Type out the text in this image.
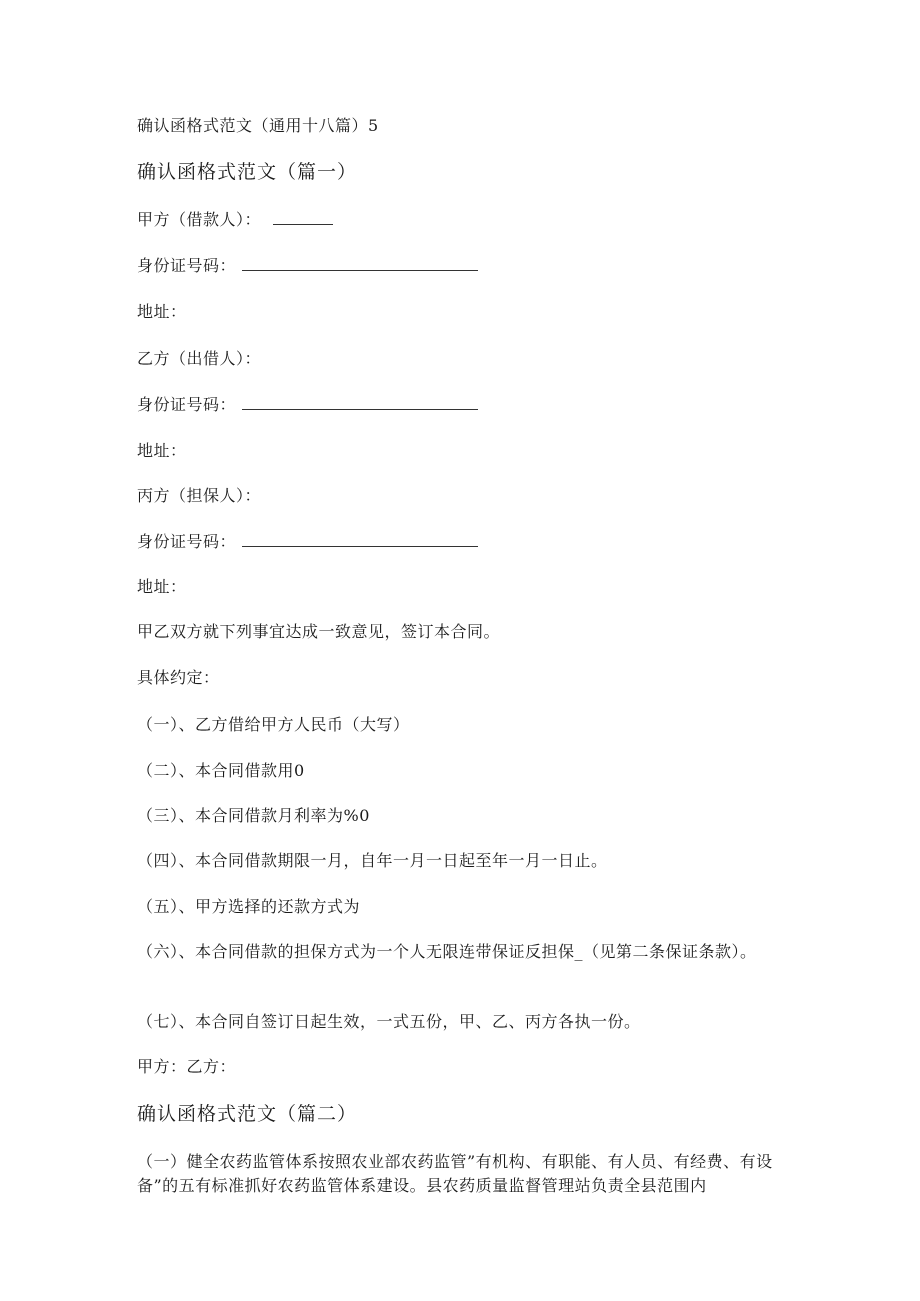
确认函格式范文（通用十八篇）5
确认函格式范文（篇一）
甲方（借款人）：
身份证号码：
地址：
乙方（出借人）：
身份证号码：
地址：
丙方（担保人）：
身份证号码：
地址：
甲乙双方就下列事宜达成一致意见，签订本合同。
具体约定：
（一）、乙方借给甲方人民币（大写）
（二）、本合同借款用0
（三）、本合同借款月利率为%0
（四）、本合同借款期限一月，自年一月一日起至年一月一日止。
（五）、甲方选择的还款方式为
（六）、本合同借款的担保方式为一个人无限连带保证反担保_（见第二条保证条款）。
（七）、本合同自签订日起生效，一式五份，甲、乙、丙方各执一份。
甲方：乙方：
确认函格式范文（篇二）
（一）健全农药监管体系按照农业部农药监管”有机构、有职能、有人员、有经费、有设备”的五有标准抓好农药监管体系建设。县农药质量监督管理站负责全县范围内
